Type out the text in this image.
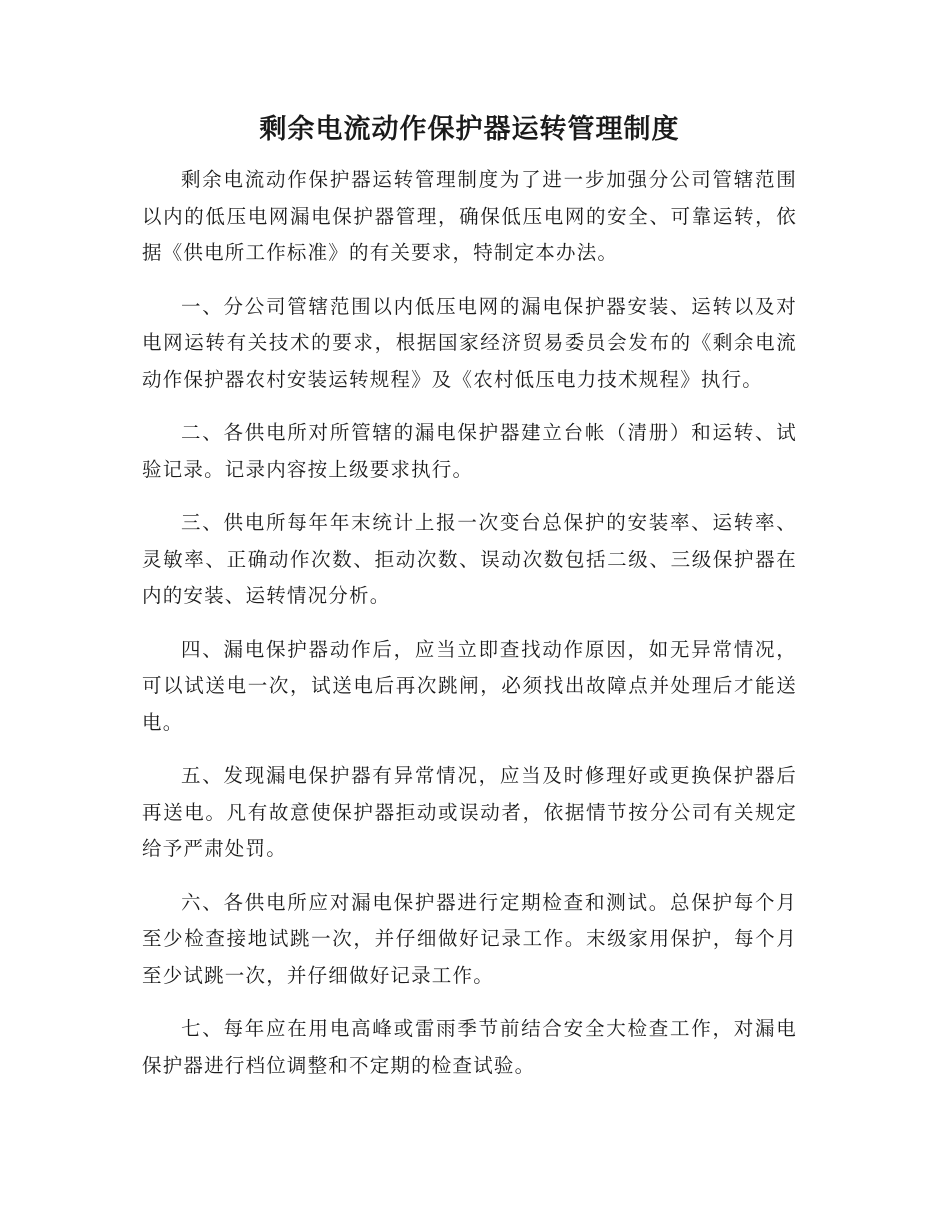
剩余电流动作保护器运转管理制度

剩余电流动作保护器运转管理制度为了进一步加强分公司管辖范围以内的低压电网漏电保护器管理，确保低压电网的安全、可靠运转，依据《供电所工作标准》的有关要求，特制定本办法。

一、分公司管辖范围以内低压电网的漏电保护器安装、运转以及对电网运转有关技术的要求，根据国家经济贸易委员会发布的《剩余电流动作保护器农村安装运转规程》及《农村低压电力技术规程》执行。

二、各供电所对所管辖的漏电保护器建立台帐（清册）和运转、试验记录。记录内容按上级要求执行。

三、供电所每年年末统计上报一次变台总保护的安装率、运转率、灵敏率、正确动作次数、拒动次数、误动次数包括二级、三级保护器在内的安装、运转情况分析。

四、漏电保护器动作后，应当立即查找动作原因，如无异常情况，可以试送电一次，试送电后再次跳闸，必须找出故障点并处理后才能送电。

五、发现漏电保护器有异常情况，应当及时修理好或更换保护器后再送电。凡有故意使保护器拒动或误动者，依据情节按分公司有关规定给予严肃处罚。

六、各供电所应对漏电保护器进行定期检查和测试。总保护每个月至少检查接地试跳一次，并仔细做好记录工作。末级家用保护，每个月至少试跳一次，并仔细做好记录工作。

七、每年应在用电高峰或雷雨季节前结合安全大检查工作，对漏电保护器进行档位调整和不定期的检查试验。
